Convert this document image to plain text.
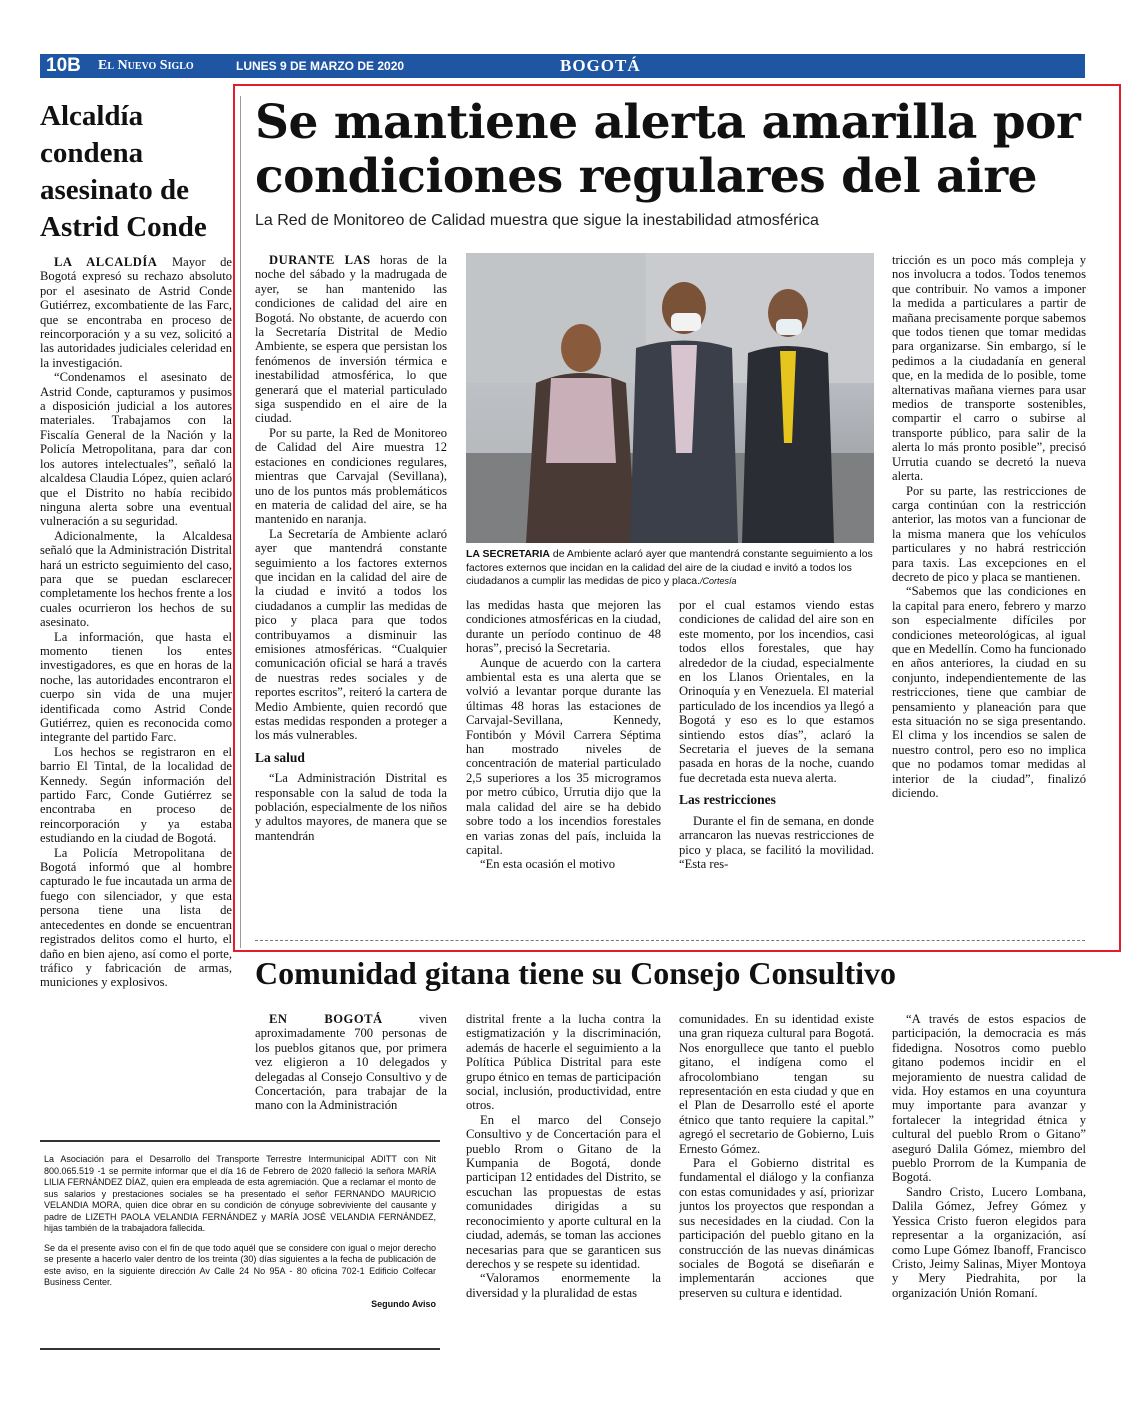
10B	El Nuevo Siglo	LUNES 9 DE MARZO DE 2020	BOGOTÁ
Alcaldía condena asesinato de Astrid Conde

LA ALCALDÍA Mayor de Bogotá expresó su rechazo absoluto por el asesinato de Astrid Conde Gutiérrez, excombatiente de las Farc, que se encontraba en proceso de reincorporación y a su vez, solicitó a las autoridades judiciales celeridad en la investigación.

“Condenamos el asesinato de Astrid Conde, capturamos y pusimos a disposición judicial a los autores materiales. Trabajamos con la Fiscalía General de la Nación y la Policía Metropolitana, para dar con los autores intelectuales”, señaló la alcaldesa Claudia López, quien aclaró que el Distrito no había recibido ninguna alerta sobre una eventual vulneración a su seguridad.

Adicionalmente, la Alcaldesa señaló que la Administración Distrital hará un estricto seguimiento del caso, para que se puedan esclarecer completamente los hechos frente a los cuales ocurrieron los hechos de su asesinato.

La información, que hasta el momento tienen los entes investigadores, es que en horas de la noche, las autoridades encontraron el cuerpo sin vida de una mujer identificada como Astrid Conde Gutiérrez, quien es reconocida como integrante del partido Farc.

Los hechos se registraron en el barrio El Tintal, de la localidad de Kennedy. Según información del partido Farc, Conde Gutiérrez se encontraba en proceso de reincorporación y ya estaba estudiando en la ciudad de Bogotá.

La Policía Metropolitana de Bogotá informó que al hombre capturado le fue incautada un arma de fuego con silenciador, y que esta persona tiene una lista de antecedentes en donde se encuentran registrados delitos como el hurto, el daño en bien ajeno, así como el porte, tráfico y fabricación de armas, municiones y explosivos.

Se mantiene alerta amarilla por condiciones regulares del aire
La Red de Monitoreo de Calidad muestra que sigue la inestabilidad atmosférica

DURANTE LAS horas de la noche del sábado y la madrugada de ayer, se han mantenido las condiciones de calidad del aire en Bogotá. No obstante, de acuerdo con la Secretaría Distrital de Medio Ambiente, se espera que persistan los fenómenos de inversión térmica e inestabilidad atmosférica, lo que generará que el material particulado siga suspendido en el aire de la ciudad.

Por su parte, la Red de Monitoreo de Calidad del Aire muestra 12 estaciones en condiciones regulares, mientras que Carvajal (Sevillana), uno de los puntos más problemáticos en materia de calidad del aire, se ha mantenido en naranja.

La Secretaría de Ambiente aclaró ayer que mantendrá constante seguimiento a los factores externos que incidan en la calidad del aire de la ciudad e invitó a todos los ciudadanos a cumplir las medidas de pico y placa para que todos contribuyamos a disminuir las emisiones atmosféricas. “Cualquier comunicación oficial se hará a través de nuestras redes sociales y de reportes escritos”, reiteró la cartera de Medio Ambiente, quien recordó que estas medidas responden a proteger a los más vulnerables.

La salud

“La Administración Distrital es responsable con la salud de toda la población, especialmente de los niños y adultos mayores, de manera que se mantendrán

LA SECRETARIA de Ambiente aclaró ayer que mantendrá constante seguimiento a los factores externos que incidan en la calidad del aire de la ciudad e invitó a todos los ciudadanos a cumplir las medidas de pico y placa./Cortesía

las medidas hasta que mejoren las condiciones atmosféricas en la ciudad, durante un período continuo de 48 horas”, precisó la Secretaria.

Aunque de acuerdo con la cartera ambiental esta es una alerta que se volvió a levantar porque durante las últimas 48 horas las estaciones de Carvajal-Sevillana, Kennedy, Fontibón y Móvil Carrera Séptima han mostrado niveles de concentración de material particulado 2,5 superiores a los 35 microgramos por metro cúbico, Urrutia dijo que la mala calidad del aire se ha debido sobre todo a los incendios forestales en varias zonas del país, incluida la capital.

“En esta ocasión el motivo

por el cual estamos viendo estas condiciones de calidad del aire son en este momento, por los incendios, casi todos ellos forestales, que hay alrededor de la ciudad, especialmente en los Llanos Orientales, en la Orinoquía y en Venezuela. El material particulado de los incendios ya llegó a Bogotá y eso es lo que estamos sintiendo estos días”, aclaró la Secretaria el jueves de la semana pasada en horas de la noche, cuando fue decretada esta nueva alerta.

Las restricciones

Durante el fin de semana, en donde arrancaron las nuevas restricciones de pico y placa, se facilitó la movilidad. “Esta res-

tricción es un poco más compleja y nos involucra a todos. Todos tenemos que contribuir. No vamos a imponer la medida a particulares a partir de mañana precisamente porque sabemos que todos tienen que tomar medidas para organizarse. Sin embargo, sí le pedimos a la ciudadanía en general que, en la medida de lo posible, tome alternativas mañana viernes para usar medios de transporte sostenibles, compartir el carro o subirse al transporte público, para salir de la alerta lo más pronto posible”, precisó Urrutia cuando se decretó la nueva alerta.

Por su parte, las restricciones de carga continúan con la restricción anterior, las motos van a funcionar de la misma manera que los vehículos particulares y no habrá restricción para taxis. Las excepciones en el decreto de pico y placa se mantienen.

“Sabemos que las condiciones en la capital para enero, febrero y marzo son especialmente difíciles por condiciones meteorológicas, al igual que en Medellín. Como ha funcionado en años anteriores, la ciudad en su conjunto, independientemente de las restricciones, tiene que cambiar de pensamiento y planeación para que esta situación no se siga presentando. El clima y los incendios se salen de nuestro control, pero eso no implica que no podamos tomar medidas al interior de la ciudad”, finalizó diciendo.

Comunidad gitana tiene su Consejo Consultivo

EN BOGOTÁ viven aproximadamente 700 personas de los pueblos gitanos que, por primera vez eligieron a 10 delegados y delegadas al Consejo Consultivo y de Concertación, para trabajar de la mano con la Administración

distrital frente a la lucha contra la estigmatización y la discriminación, además de hacerle el seguimiento a la Política Pública Distrital para este grupo étnico en temas de participación social, inclusión, productividad, entre otros.

En el marco del Consejo Consultivo y de Concertación para el pueblo Rrom o Gitano de la Kumpania de Bogotá, donde participan 12 entidades del Distrito, se escuchan las propuestas de estas comunidades dirigidas a su reconocimiento y aporte cultural en la ciudad, además, se toman las acciones necesarias para que se garanticen sus derechos y se respete su identidad.

“Valoramos enormemente la diversidad y la pluralidad de estas

comunidades. En su identidad existe una gran riqueza cultural para Bogotá. Nos enorgullece que tanto el pueblo gitano, el indígena como el afrocolombiano tengan su representación en esta ciudad y que en el Plan de Desarrollo esté el aporte étnico que tanto requiere la capital.” agregó el secretario de Gobierno, Luis Ernesto Gómez.

Para el Gobierno distrital es fundamental el diálogo y la confianza con estas comunidades y así, priorizar juntos los proyectos que respondan a sus necesidades en la ciudad. Con la participación del pueblo gitano en la construcción de las nuevas dinámicas sociales de Bogotá se diseñarán e implementarán acciones que preserven su cultura e identidad.

“A través de estos espacios de participación, la democracia es más fidedigna. Nosotros como pueblo gitano podemos incidir en el mejoramiento de nuestra calidad de vida. Hoy estamos en una coyuntura muy importante para avanzar y fortalecer la integridad étnica y cultural del pueblo Rrom o Gitano” aseguró Dalila Gómez, miembro del pueblo Prorrom de la Kumpania de Bogotá.

Sandro Cristo, Lucero Lombana, Dalila Gómez, Jefrey Gómez y Yessica Cristo fueron elegidos para representar a la organización, así como Lupe Gómez Ibanoff, Francisco Cristo, Jeimy Salinas, Miyer Montoya y Mery Piedrahita, por la organización Unión Romaní.

La Asociación para el Desarrollo del Transporte Terrestre Intermunicipal ADITT con Nit 800.065.519 -1 se permite informar que el día 16 de Febrero de 2020 falleció la señora MARÍA LILIA FERNÁNDEZ DÍAZ, quien era empleada de esta agremiación. Que a reclamar el monto de sus salarios y prestaciones sociales se ha presentado el señor FERNANDO MAURICIO VELANDIA MORA, quien dice obrar en su condición de cónyuge sobreviviente del causante y padre de LIZETH PAOLA VELANDIA FERNÁNDEZ y MARÍA JOSÉ VELANDIA FERNÁNDEZ, hijas también de la trabajadora fallecida.

Se da el presente aviso con el fin de que todo aquél que se considere con igual o mejor derecho se presente a hacerlo valer dentro de los treinta (30) días siguientes a la fecha de publicación de este aviso, en la siguiente dirección Av Calle 24 No 95A - 80 oficina 702-1 Edificio Colfecar Business Center.

Segundo Aviso
